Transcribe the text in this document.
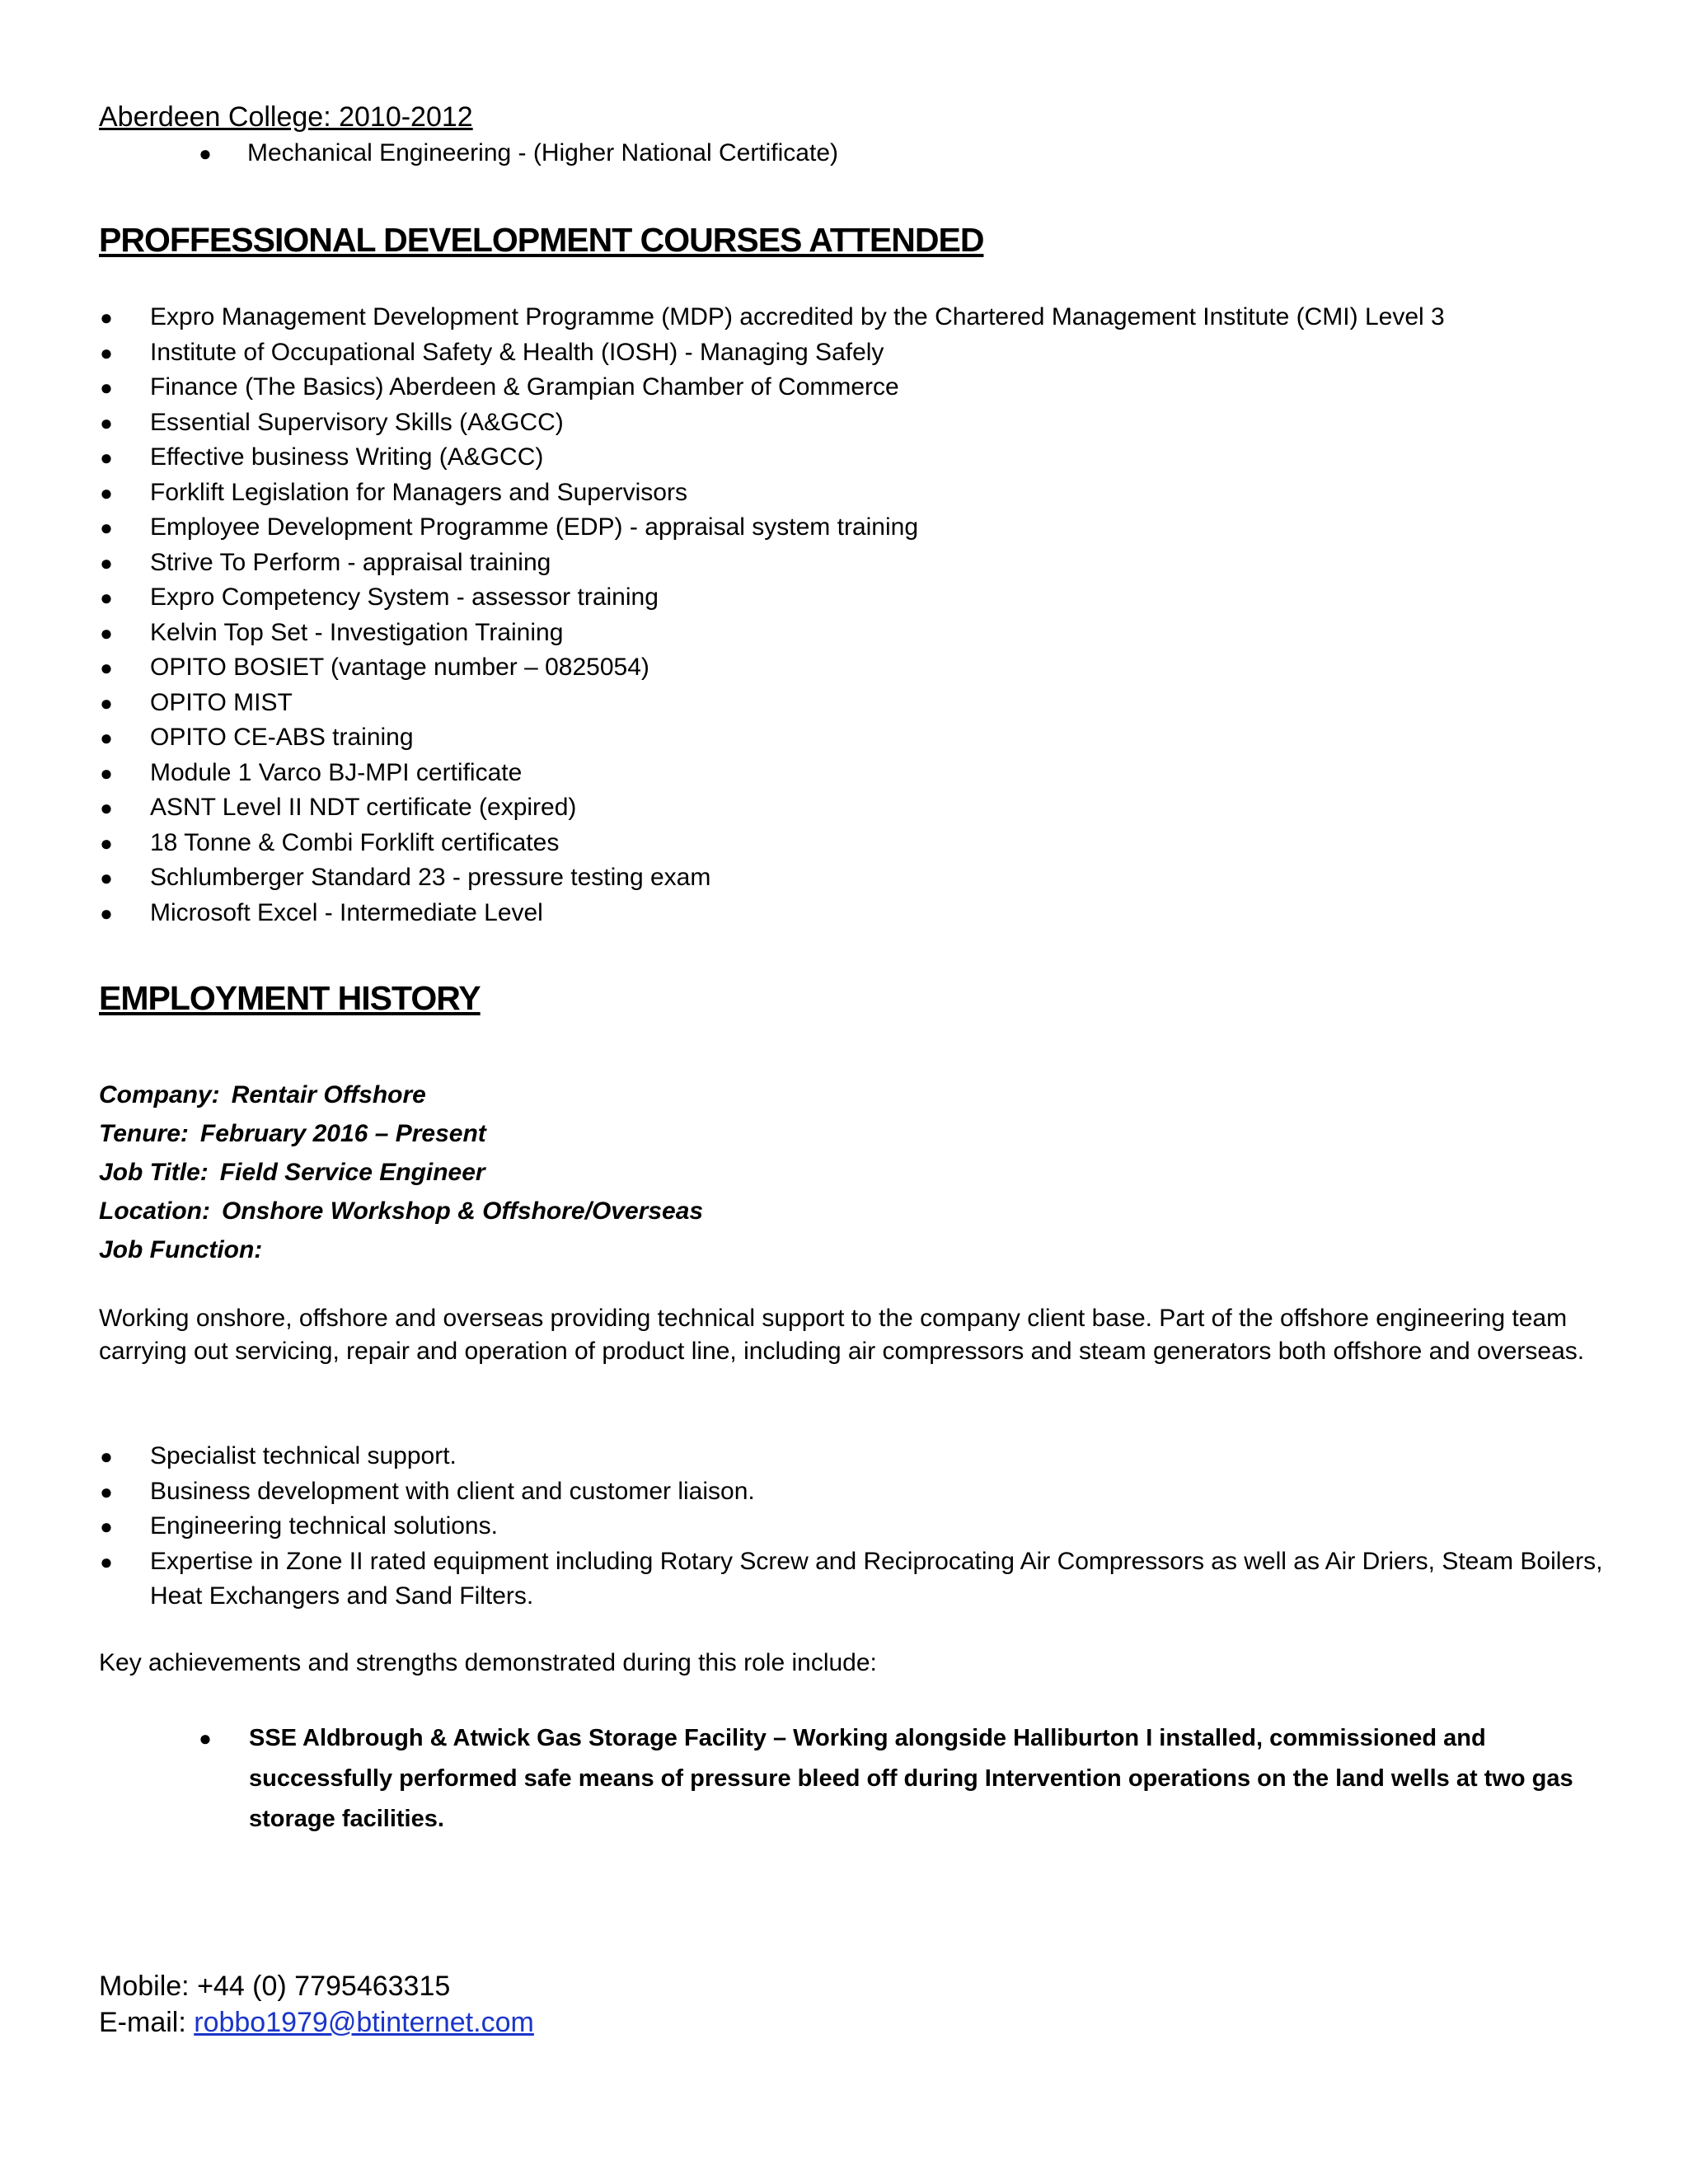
Aberdeen College: 2010-2012
● Mechanical Engineering - (Higher National Certificate)
PROFFESSIONAL DEVELOPMENT COURSES ATTENDED
● Expro Management Development Programme (MDP) accredited by the Chartered Management Institute (CMI) Level 3
● Institute of Occupational Safety & Health (IOSH) - Managing Safely
● Finance (The Basics) Aberdeen & Grampian Chamber of Commerce
● Essential Supervisory Skills (A&GCC)
● Effective business Writing (A&GCC)
● Forklift Legislation for Managers and Supervisors
● Employee Development Programme (EDP) - appraisal system training
● Strive To Perform - appraisal training
● Expro Competency System - assessor training
● Kelvin Top Set - Investigation Training
● OPITO BOSIET (vantage number – 0825054)
● OPITO MIST
● OPITO CE-ABS training
● Module 1 Varco BJ-MPI certificate
● ASNT Level II NDT certificate (expired)
● 18 Tonne & Combi Forklift certificates
● Schlumberger Standard 23 - pressure testing exam
● Microsoft Excel - Intermediate Level
EMPLOYMENT HISTORY
Company: Rentair Offshore
Tenure: February 2016 – Present
Job Title: Field Service Engineer
Location: Onshore Workshop & Offshore/Overseas
Job Function:
Working onshore, offshore and overseas providing technical support to the company client base. Part of the offshore engineering team carrying out servicing, repair and operation of product line, including air compressors and steam generators both offshore and overseas.
● Specialist technical support.
● Business development with client and customer liaison.
● Engineering technical solutions.
● Expertise in Zone II rated equipment including Rotary Screw and Reciprocating Air Compressors as well as Air Driers, Steam Boilers, Heat Exchangers and Sand Filters.
Key achievements and strengths demonstrated during this role include:
● SSE Aldbrough & Atwick Gas Storage Facility – Working alongside Halliburton I installed, commissioned and successfully performed safe means of pressure bleed off during Intervention operations on the land wells at two gas storage facilities.
Mobile: +44 (0) 7795463315
E-mail: robbo1979@btinternet.com
